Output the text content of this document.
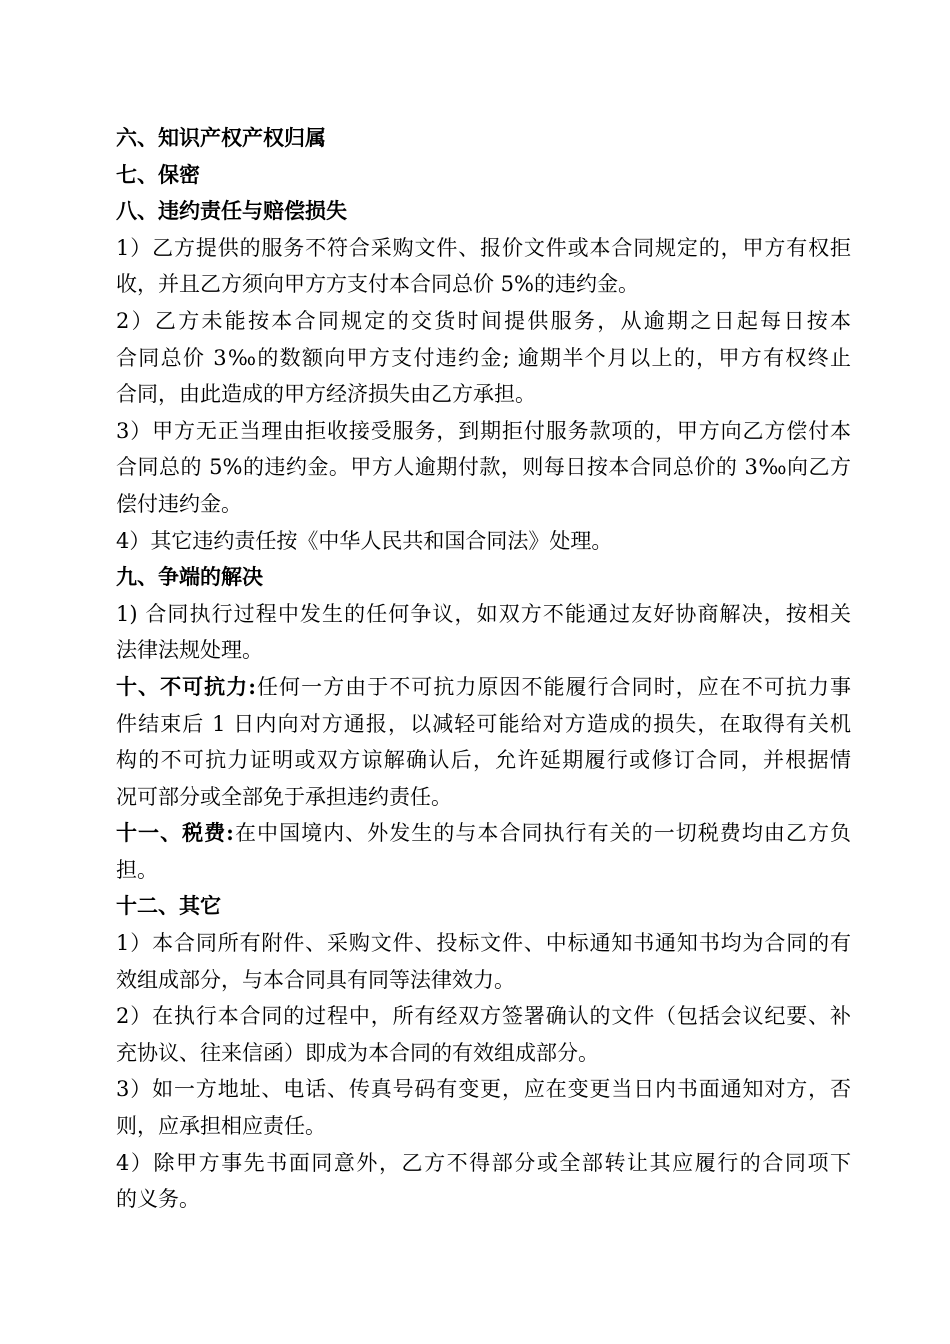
六、知识产权产权归属
七、保密
八、违约责任与赔偿损失
1）乙方提供的服务不符合采购文件、报价文件或本合同规定的，甲方有权拒
收，并且乙方须向甲方方支付本合同总价 5%的违约金。
2）乙方未能按本合同规定的交货时间提供服务，从逾期之日起每日按本
合同总价 3‰的数额向甲方支付违约金; 逾期半个月以上的，甲方有权终止
合同，由此造成的甲方经济损失由乙方承担。
3）甲方无正当理由拒收接受服务，到期拒付服务款项的，甲方向乙方偿付本
合同总的 5%的违约金。甲方人逾期付款，则每日按本合同总价的 3‰向乙方
偿付违约金。
4）其它违约责任按《中华人民共和国合同法》处理。
九、争端的解决
1) 合同执行过程中发生的任何争议，如双方不能通过友好协商解决，按相关
法律法规处理。
十、不可抗力:任何一方由于不可抗力原因不能履行合同时，应在不可抗力事
件结束后 1 日内向对方通报，以减轻可能给对方造成的损失，在取得有关机
构的不可抗力证明或双方谅解确认后，允许延期履行或修订合同，并根据情
况可部分或全部免于承担违约责任。
十一、税费:在中国境内、外发生的与本合同执行有关的一切税费均由乙方负
担。
十二、其它
1）本合同所有附件、采购文件、投标文件、中标通知书通知书均为合同的有
效组成部分，与本合同具有同等法律效力。
2）在执行本合同的过程中，所有经双方签署确认的文件（包括会议纪要、补
充协议、往来信函）即成为本合同的有效组成部分。
3）如一方地址、电话、传真号码有变更，应在变更当日内书面通知对方，否
则，应承担相应责任。
4）除甲方事先书面同意外，乙方不得部分或全部转让其应履行的合同项下
的义务。
